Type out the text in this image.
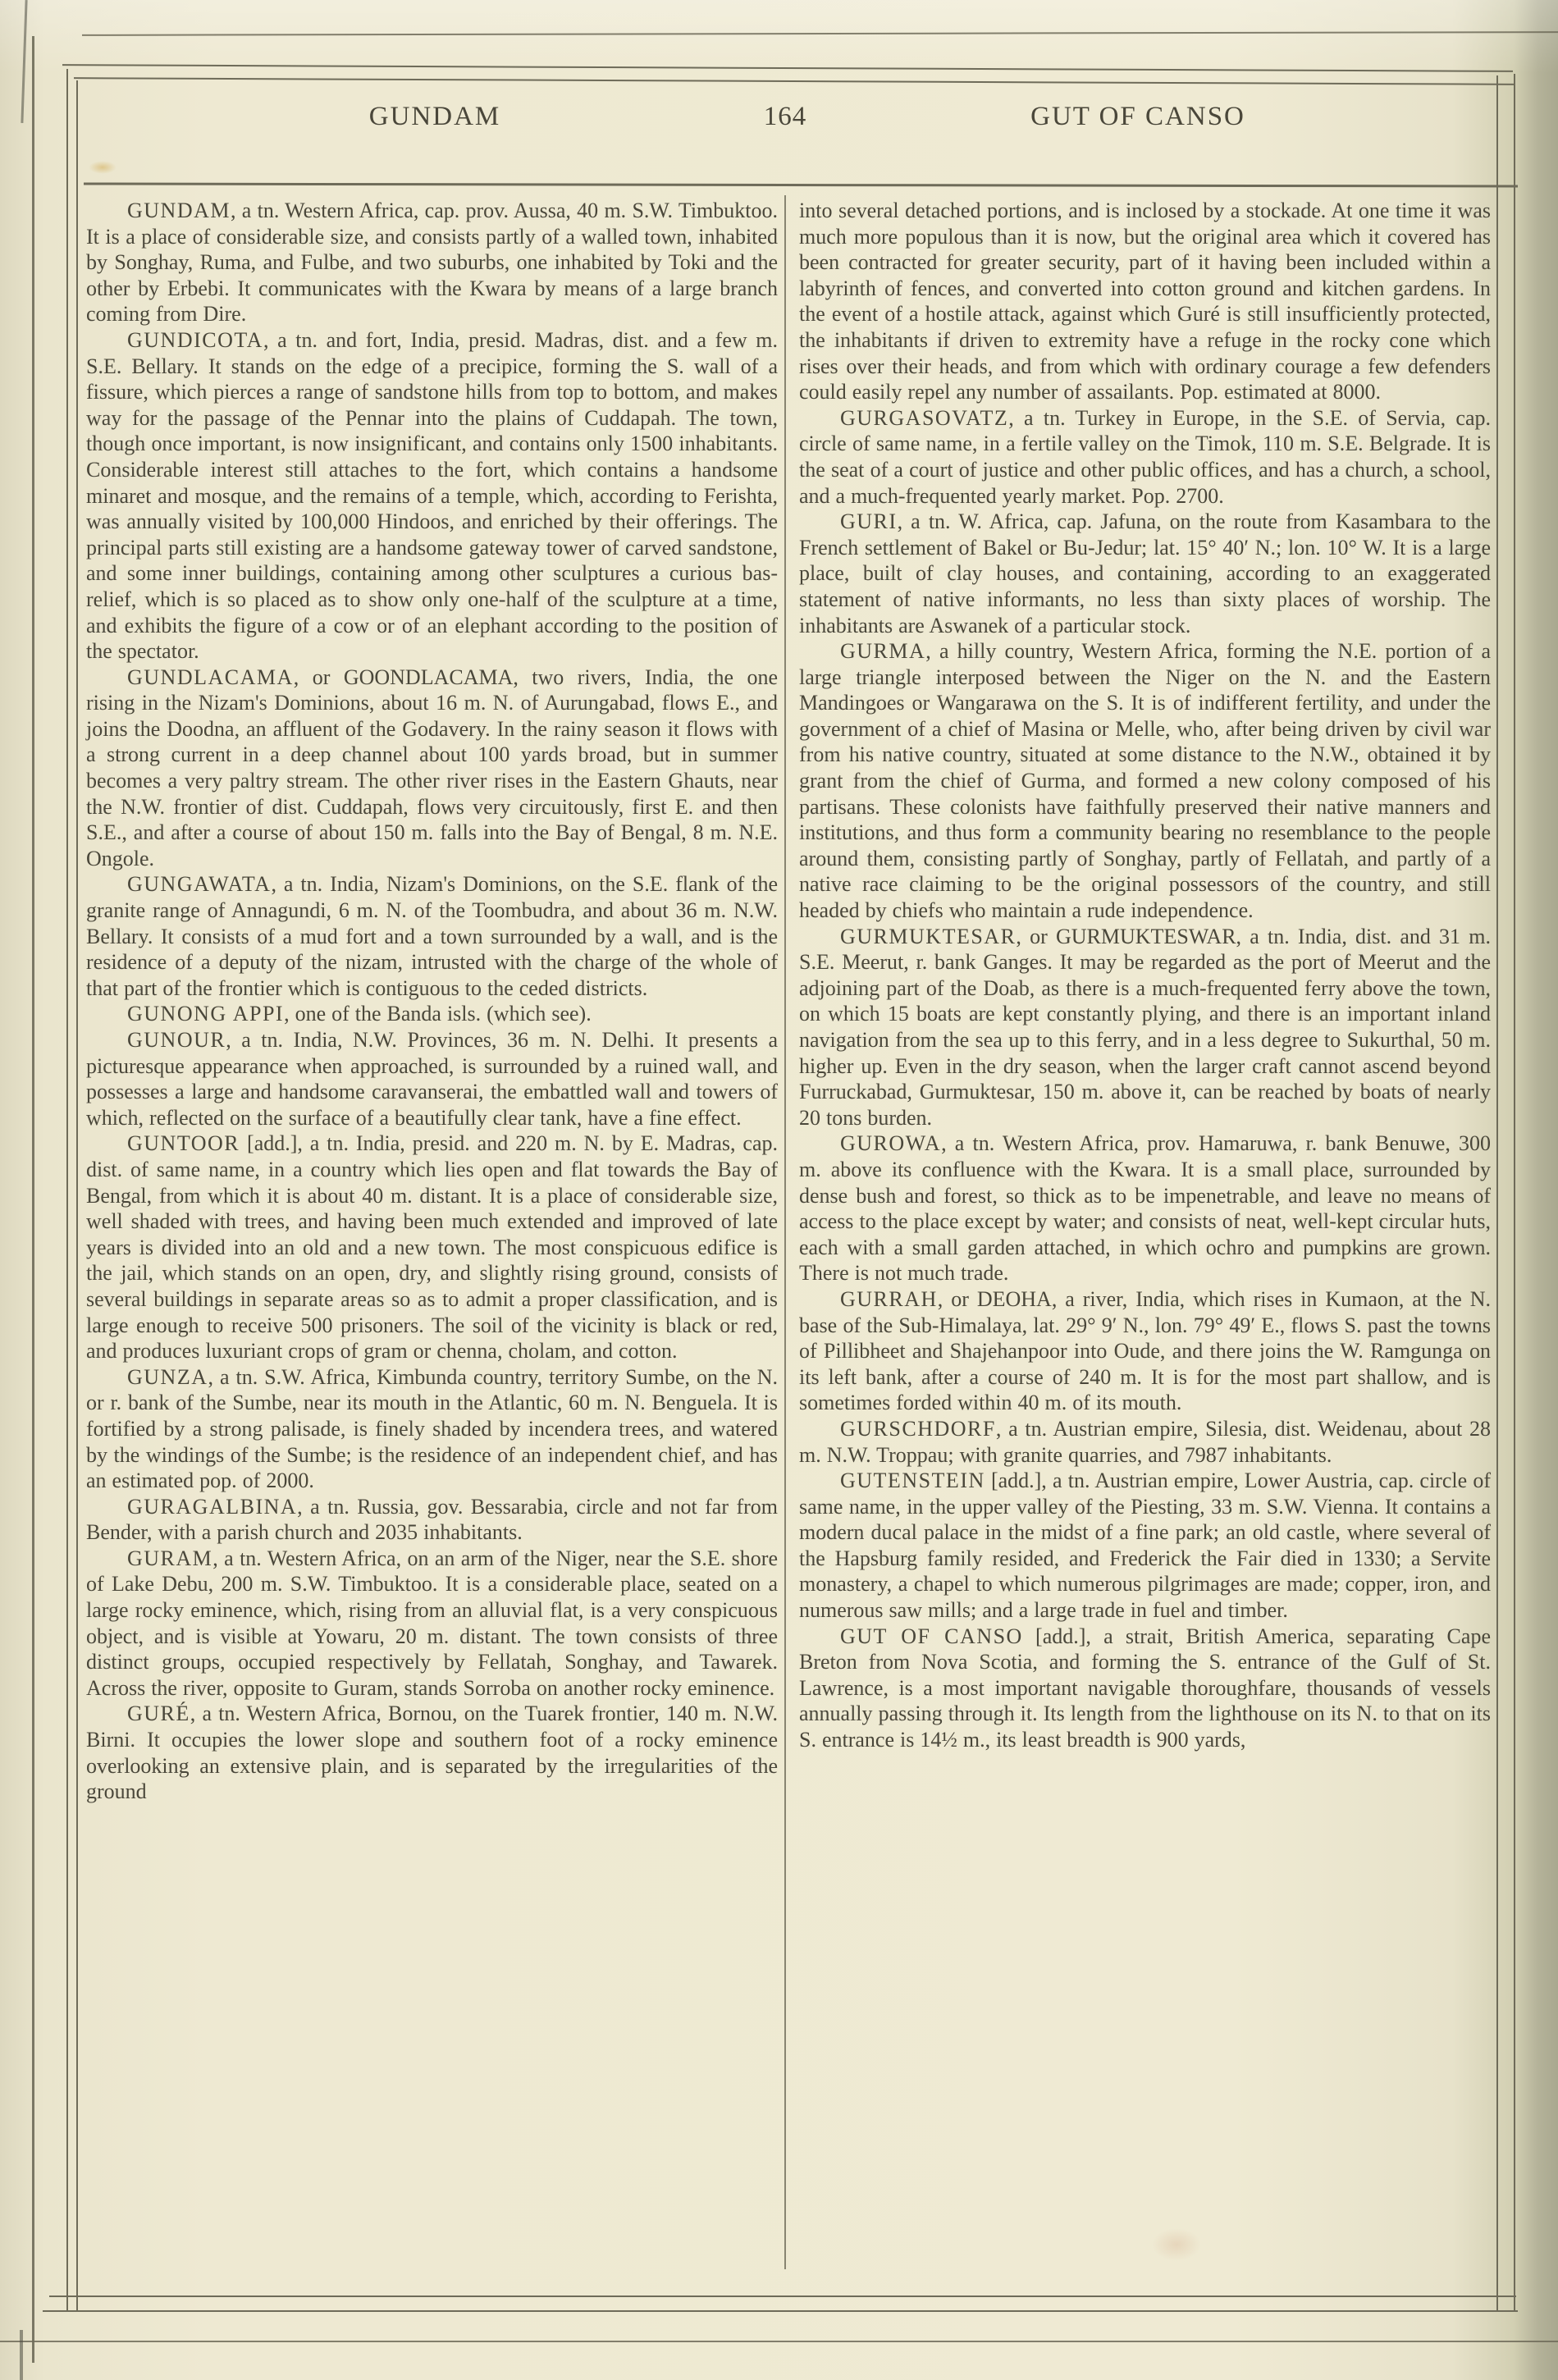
GUNDAM	164	GUT OF CANSO

GUNDAM, a tn. Western Africa, cap. prov. Aussa, 40 m. S.W. Timbuktoo. It is a place of considerable size, and consists partly of a walled town, inhabited by Songhay, Ruma, and Fulbe, and two suburbs, one inhabited by Toki and the other by Erbebi. It communicates with the Kwara by means of a large branch coming from Dire.

GUNDICOTA, a tn. and fort, India, presid. Madras, dist. and a few m. S.E. Bellary. It stands on the edge of a precipice, forming the S. wall of a fissure, which pierces a range of sandstone hills from top to bottom, and makes way for the passage of the Pennar into the plains of Cuddapah. The town, though once important, is now insignificant, and contains only 1500 inhabitants. Considerable interest still attaches to the fort, which contains a handsome minaret and mosque, and the remains of a temple, which, according to Ferishta, was annually visited by 100,000 Hindoos, and enriched by their offerings. The principal parts still existing are a handsome gateway tower of carved sandstone, and some inner buildings, containing among other sculptures a curious bas-relief, which is so placed as to show only one-half of the sculpture at a time, and exhibits the figure of a cow or of an elephant according to the position of the spectator.

GUNDLACAMA, or GOONDLACAMA, two rivers, India, the one rising in the Nizam's Dominions, about 16 m. N. of Aurungabad, flows E., and joins the Doodna, an affluent of the Godavery. In the rainy season it flows with a strong current in a deep channel about 100 yards broad, but in summer becomes a very paltry stream. The other river rises in the Eastern Ghauts, near the N.W. frontier of dist. Cuddapah, flows very circuitously, first E. and then S.E., and after a course of about 150 m. falls into the Bay of Bengal, 8 m. N.E. Ongole.

GUNGAWATA, a tn. India, Nizam's Dominions, on the S.E. flank of the granite range of Annagundi, 6 m. N. of the Toombudra, and about 36 m. N.W. Bellary. It consists of a mud fort and a town surrounded by a wall, and is the residence of a deputy of the nizam, intrusted with the charge of the whole of that part of the frontier which is contiguous to the ceded districts.

GUNONG APPI, one of the Banda isls. (which see).

GUNOUR, a tn. India, N.W. Provinces, 36 m. N. Delhi. It presents a picturesque appearance when approached, is surrounded by a ruined wall, and possesses a large and handsome caravanserai, the embattled wall and towers of which, reflected on the surface of a beautifully clear tank, have a fine effect.

GUNTOOR [add.], a tn. India, presid. and 220 m. N. by E. Madras, cap. dist. of same name, in a country which lies open and flat towards the Bay of Bengal, from which it is about 40 m. distant. It is a place of considerable size, well shaded with trees, and having been much extended and improved of late years is divided into an old and a new town. The most conspicuous edifice is the jail, which stands on an open, dry, and slightly rising ground, consists of several buildings in separate areas so as to admit a proper classification, and is large enough to receive 500 prisoners. The soil of the vicinity is black or red, and produces luxuriant crops of gram or chenna, cholam, and cotton.

GUNZA, a tn. S.W. Africa, Kimbunda country, territory Sumbe, on the N. or r. bank of the Sumbe, near its mouth in the Atlantic, 60 m. N. Benguela. It is fortified by a strong palisade, is finely shaded by incendera trees, and watered by the windings of the Sumbe; is the residence of an independent chief, and has an estimated pop. of 2000.

GURAGALBINA, a tn. Russia, gov. Bessarabia, circle and not far from Bender, with a parish church and 2035 inhabitants.

GURAM, a tn. Western Africa, on an arm of the Niger, near the S.E. shore of Lake Debu, 200 m. S.W. Timbuktoo. It is a considerable place, seated on a large rocky eminence, which, rising from an alluvial flat, is a very conspicuous object, and is visible at Yowaru, 20 m. distant. The town consists of three distinct groups, occupied respectively by Fellatah, Songhay, and Tawarek. Across the river, opposite to Guram, stands Sorroba on another rocky eminence.

GURÉ, a tn. Western Africa, Bornou, on the Tuarek frontier, 140 m. N.W. Birni. It occupies the lower slope and southern foot of a rocky eminence overlooking an extensive plain, and is separated by the irregularities of the ground

into several detached portions, and is inclosed by a stockade. At one time it was much more populous than it is now, but the original area which it covered has been contracted for greater security, part of it having been included within a labyrinth of fences, and converted into cotton ground and kitchen gardens. In the event of a hostile attack, against which Guré is still insufficiently protected, the inhabitants if driven to extremity have a refuge in the rocky cone which rises over their heads, and from which with ordinary courage a few defenders could easily repel any number of assailants. Pop. estimated at 8000.

GURGASOVATZ, a tn. Turkey in Europe, in the S.E. of Servia, cap. circle of same name, in a fertile valley on the Timok, 110 m. S.E. Belgrade. It is the seat of a court of justice and other public offices, and has a church, a school, and a much-frequented yearly market. Pop. 2700.

GURI, a tn. W. Africa, cap. Jafuna, on the route from Kasambara to the French settlement of Bakel or Bu-Jedur; lat. 15° 40′ N.; lon. 10° W. It is a large place, built of clay houses, and containing, according to an exaggerated statement of native informants, no less than sixty places of worship. The inhabitants are Aswanek of a particular stock.

GURMA, a hilly country, Western Africa, forming the N.E. portion of a large triangle interposed between the Niger on the N. and the Eastern Mandingoes or Wangarawa on the S. It is of indifferent fertility, and under the government of a chief of Masina or Melle, who, after being driven by civil war from his native country, situated at some distance to the N.W., obtained it by grant from the chief of Gurma, and formed a new colony composed of his partisans. These colonists have faithfully preserved their native manners and institutions, and thus form a community bearing no resemblance to the people around them, consisting partly of Songhay, partly of Fellatah, and partly of a native race claiming to be the original possessors of the country, and still headed by chiefs who maintain a rude independence.

GURMUKTESAR, or GURMUKTESWAR, a tn. India, dist. and 31 m. S.E. Meerut, r. bank Ganges. It may be regarded as the port of Meerut and the adjoining part of the Doab, as there is a much-frequented ferry above the town, on which 15 boats are kept constantly plying, and there is an important inland navigation from the sea up to this ferry, and in a less degree to Sukurthal, 50 m. higher up. Even in the dry season, when the larger craft cannot ascend beyond Furruckabad, Gurmuktesar, 150 m. above it, can be reached by boats of nearly 20 tons burden.

GUROWA, a tn. Western Africa, prov. Hamaruwa, r. bank Benuwe, 300 m. above its confluence with the Kwara. It is a small place, surrounded by dense bush and forest, so thick as to be impenetrable, and leave no means of access to the place except by water; and consists of neat, well-kept circular huts, each with a small garden attached, in which ochro and pumpkins are grown. There is not much trade.

GURRAH, or DEOHA, a river, India, which rises in Kumaon, at the N. base of the Sub-Himalaya, lat. 29° 9′ N., lon. 79° 49′ E., flows S. past the towns of Pillibheet and Shajehanpoor into Oude, and there joins the W. Ramgunga on its left bank, after a course of 240 m. It is for the most part shallow, and is sometimes forded within 40 m. of its mouth.

GURSCHDORF, a tn. Austrian empire, Silesia, dist. Weidenau, about 28 m. N.W. Troppau; with granite quarries, and 7987 inhabitants.

GUTENSTEIN [add.], a tn. Austrian empire, Lower Austria, cap. circle of same name, in the upper valley of the Piesting, 33 m. S.W. Vienna. It contains a modern ducal palace in the midst of a fine park; an old castle, where several of the Hapsburg family resided, and Frederick the Fair died in 1330; a Servite monastery, a chapel to which numerous pilgrimages are made; copper, iron, and numerous saw mills; and a large trade in fuel and timber.

GUT OF CANSO [add.], a strait, British America, separating Cape Breton from Nova Scotia, and forming the S. entrance of the Gulf of St. Lawrence, is a most important navigable thoroughfare, thousands of vessels annually passing through it. Its length from the lighthouse on its N. to that on its S. entrance is 14½ m., its least breadth is 900 yards,
